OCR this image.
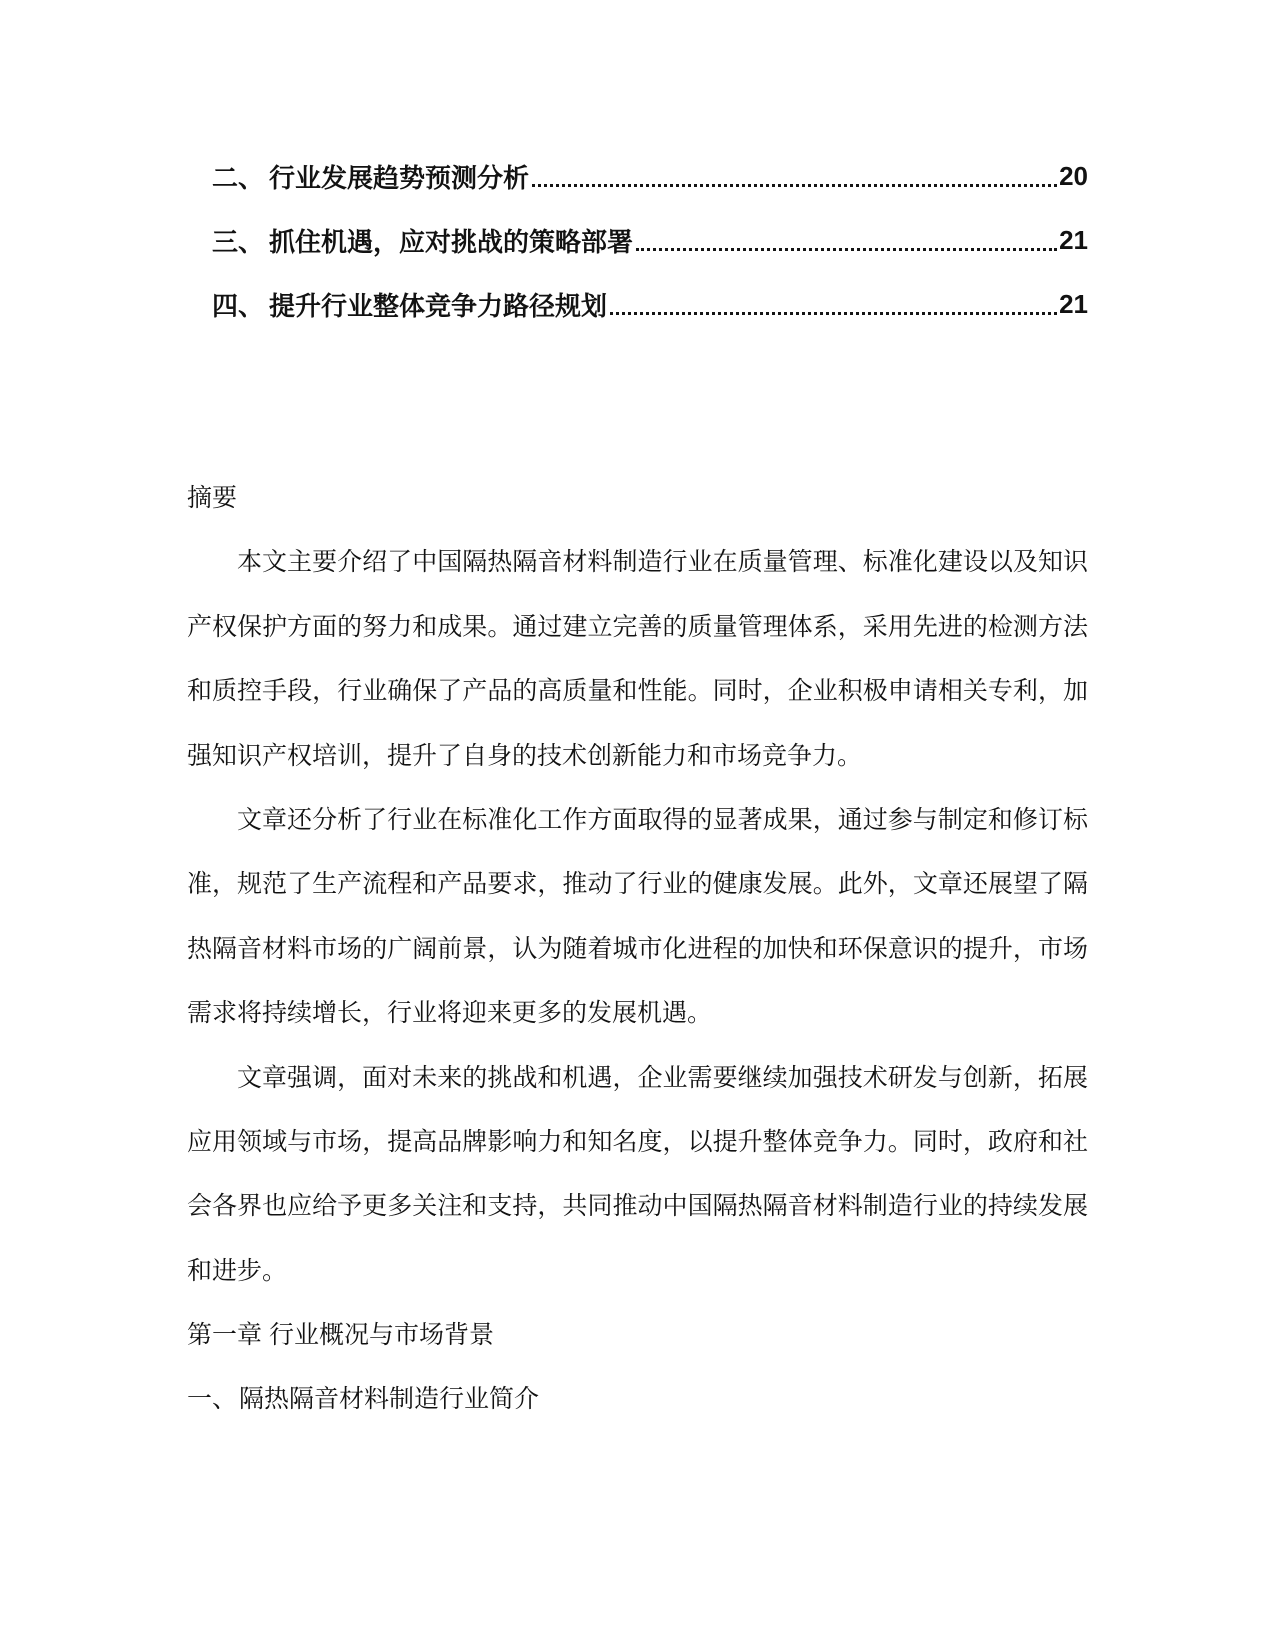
二、 行业发展趋势预测分析	20
三、 抓住机遇，应对挑战的策略部署	21
四、 提升行业整体竞争力路径规划	21
摘要
本文主要介绍了中国隔热隔音材料制造行业在质量管理、标准化建设以及知识
产权保护方面的努力和成果。通过建立完善的质量管理体系，采用先进的检测方法
和质控手段，行业确保了产品的高质量和性能。同时，企业积极申请相关专利，加
强知识产权培训，提升了自身的技术创新能力和市场竞争力。
文章还分析了行业在标准化工作方面取得的显著成果，通过参与制定和修订标
准，规范了生产流程和产品要求，推动了行业的健康发展。此外，文章还展望了隔
热隔音材料市场的广阔前景，认为随着城市化进程的加快和环保意识的提升，市场
需求将持续增长，行业将迎来更多的发展机遇。
文章强调，面对未来的挑战和机遇，企业需要继续加强技术研发与创新，拓展
应用领域与市场，提高品牌影响力和知名度，以提升整体竞争力。同时，政府和社
会各界也应给予更多关注和支持，共同推动中国隔热隔音材料制造行业的持续发展
和进步。
第一章 行业概况与市场背景
一、隔热隔音材料制造行业简介
